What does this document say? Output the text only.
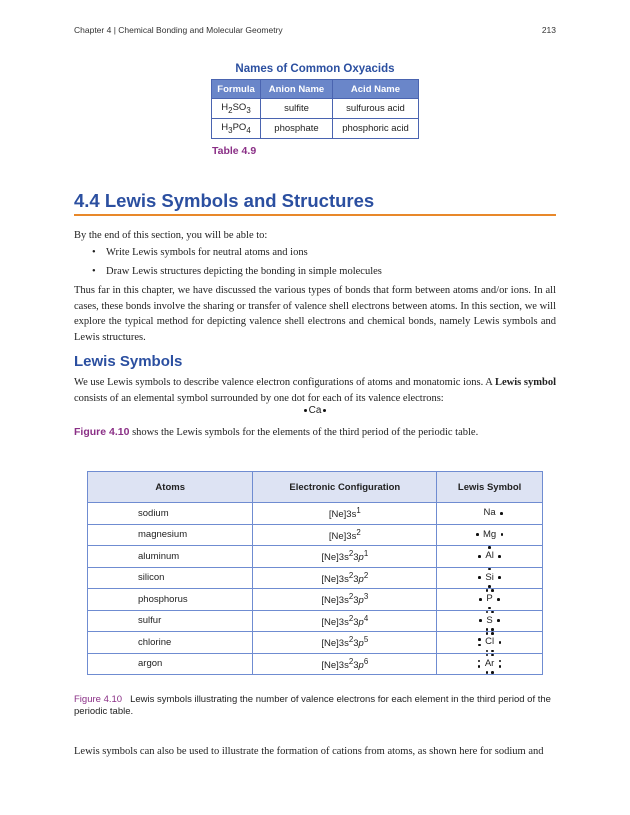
Chapter 4 | Chemical Bonding and Molecular Geometry	213
Names of Common Oxyacids
Formula	Anion Name	Acid Name
$H_2SO_3$	sulfite	sulfurous acid
$H_3PO_4$	phosphate	phosphoric acid
Table 4.9
4.4 Lewis Symbols and Structures
By the end of this section, you will be able to:
• Write Lewis symbols for neutral atoms and ions
• Draw Lewis structures depicting the bonding in simple molecules
Thus far in this chapter, we have discussed the various types of bonds that form between atoms and/or ions. In all cases, these bonds involve the sharing or transfer of valence shell electrons between atoms. In this section, we will explore the typical method for depicting valence shell electrons and chemical bonds, namely Lewis symbols and Lewis structures.
Lewis Symbols
We use Lewis symbols to describe valence electron configurations of atoms and monatomic ions. A Lewis symbol consists of an elemental symbol surrounded by one dot for each of its valence electrons:
Ca
Figure 4.10 shows the Lewis symbols for the elements of the third period of the periodic table.
Atoms	Electronic Configuration	Lewis Symbol
sodium	$[Ne]3s^1$	Na

magnesium	$[Ne]3s^2$	Mg

aluminum	$[Ne]3s^23p^1$	Al

silicon	$[Ne]3s^23p^2$	Si

phosphorus	$[Ne]3s^23p^3$	P

sulfur	$[Ne]3s^23p^4$	S

chlorine	$[Ne]3s^23p^5$	Cl

argon	$[Ne]3s^23p^6$	Ar
Figure 4.10 Lewis symbols illustrating the number of valence electrons for each element in the third period of the periodic table.
Lewis symbols can also be used to illustrate the formation of cations from atoms, as shown here for sodium and
